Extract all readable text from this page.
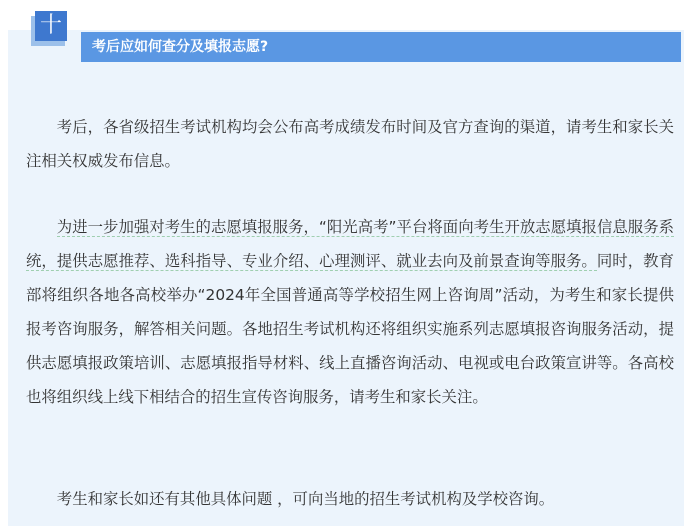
十
考后应如何查分及填报志愿?

考后，各省级招生考试机构均会公布高考成绩发布时间及官方查询的渠道，请考生和家长关注相关权威发布信息。

为进一步加强对考生的志愿填报服务，“阳光高考”平台将面向考生开放志愿填报信息服务系统，提供志愿推荐、选科指导、专业介绍、心理测评、就业去向及前景查询等服务。同时，教育部将组织各地各高校举办“2024年全国普通高等学校招生网上咨询周”活动，为考生和家长提供报考咨询服务，解答相关问题。各地招生考试机构还将组织实施系列志愿填报咨询服务活动，提供志愿填报政策培训、志愿填报指导材料、线上直播咨询活动、电视或电台政策宣讲等。各高校也将组织线上线下相结合的招生宣传咨询服务，请考生和家长关注。

考生和家长如还有其他具体问题 ，可向当地的招生考试机构及学校咨询。
